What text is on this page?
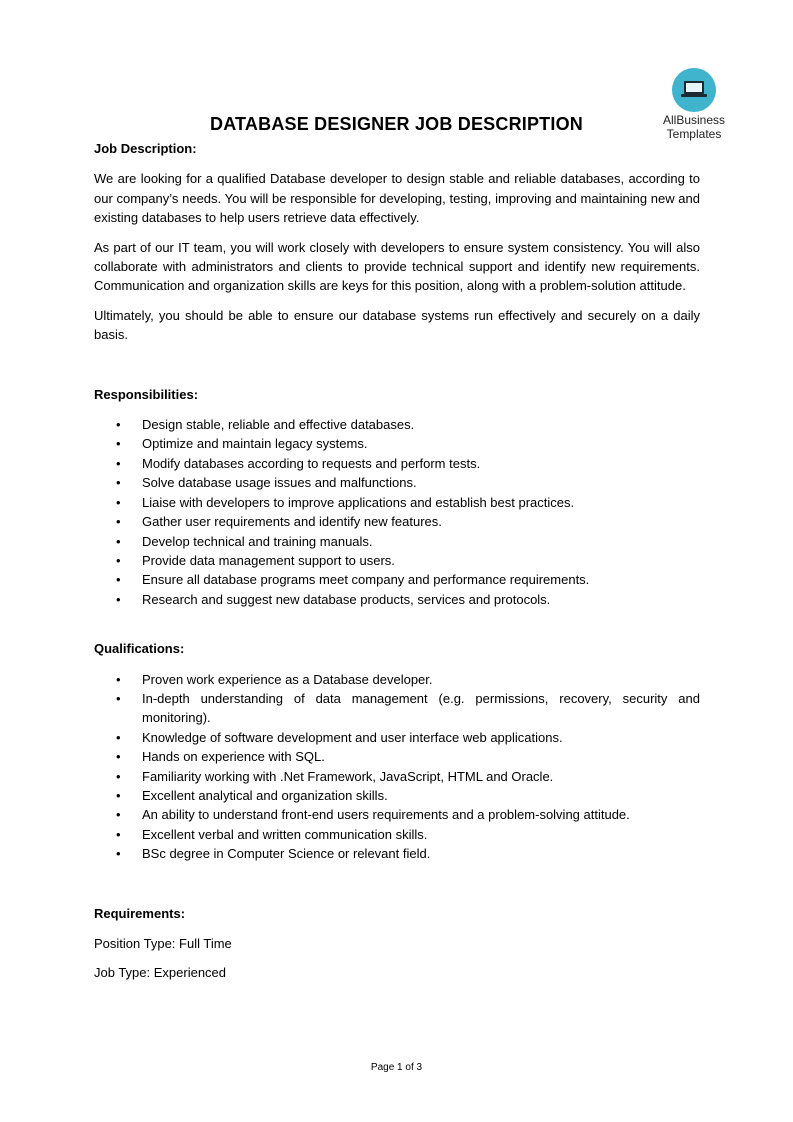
AllBusiness
Templates
DATABASE DESIGNER JOB DESCRIPTION

Job Description:

We are looking for a qualified Database developer to design stable and reliable databases, according to our company’s needs. You will be responsible for developing, testing, improving and maintaining new and existing databases to help users retrieve data effectively.

As part of our IT team, you will work closely with developers to ensure system consistency. You will also collaborate with administrators and clients to provide technical support and identify new requirements. Communication and organization skills are keys for this position, along with a problem-solution attitude.

Ultimately, you should be able to ensure our database systems run effectively and securely on a daily basis.

Responsibilities:

• Design stable, reliable and effective databases.
• Optimize and maintain legacy systems.
• Modify databases according to requests and perform tests.
• Solve database usage issues and malfunctions.
• Liaise with developers to improve applications and establish best practices.
• Gather user requirements and identify new features.
• Develop technical and training manuals.
• Provide data management support to users.
• Ensure all database programs meet company and performance requirements.
• Research and suggest new database products, services and protocols.

Qualifications:

• Proven work experience as a Database developer.
• In-depth understanding of data management (e.g. permissions, recovery, security and monitoring).
• Knowledge of software development and user interface web applications.
• Hands on experience with SQL.
• Familiarity working with .Net Framework, JavaScript, HTML and Oracle.
• Excellent analytical and organization skills.
• An ability to understand front-end users requirements and a problem-solving attitude.
• Excellent verbal and written communication skills.
• BSc degree in Computer Science or relevant field.

Requirements:

Position Type: Full Time

Job Type: Experienced

Page 1 of 3
